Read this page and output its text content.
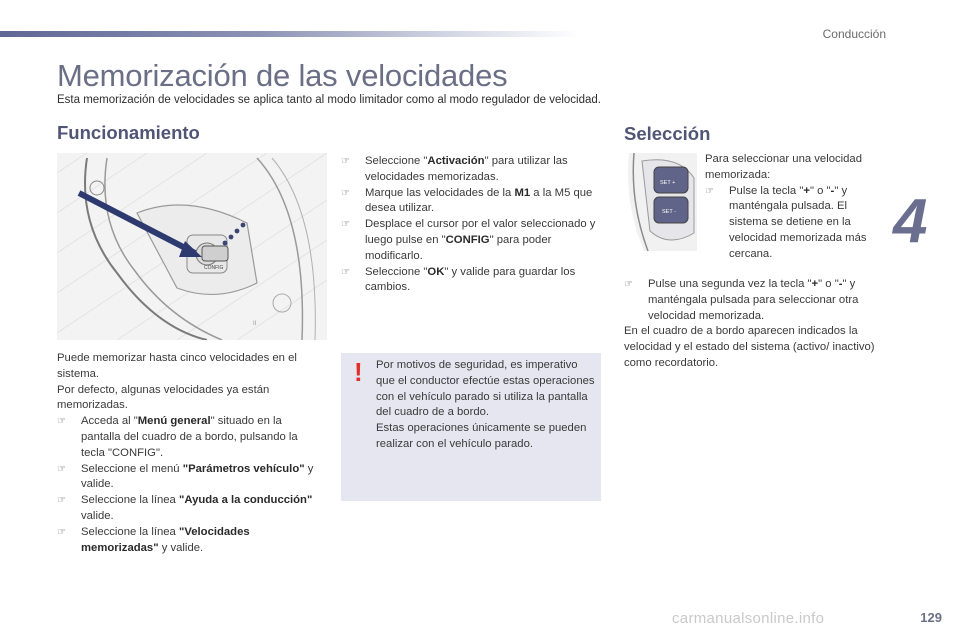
Conducción
4
Memorización de las velocidades
Esta memorización de velocidades se aplica tanto al modo limitador como al modo regulador de velocidad.
Funcionamiento
II
CONFIG
Puede memorizar hasta cinco velocidades en el sistema.
Por defecto, algunas velocidades ya están memorizadas.
☞ Acceda al "Menú general" situado en la pantalla del cuadro de a bordo, pulsando la tecla "CONFIG".
☞ Seleccione el menú "Parámetros vehículo" y valide.
☞ Seleccione la línea "Ayuda a la conducción" valide.
☞ Seleccione la línea "Velocidades memorizadas" y valide.
☞ Seleccione "Activación" para utilizar las velocidades memorizadas.
☞ Marque las velocidades de la M1 a la M5 que desea utilizar.
☞ Desplace el cursor por el valor seleccionado y luego pulse en "CONFIG" para poder modificarlo.
☞ Seleccione "OK" y valide para guardar los cambios.
! Por motivos de seguridad, es imperativo que el conductor efectúe estas operaciones con el vehículo parado si utiliza la pantalla del cuadro de a bordo.
Estas operaciones únicamente se pueden realizar con el vehículo parado.
Selección
SET +
SET -
Para seleccionar una velocidad memorizada:
☞ Pulse la tecla "+" o "-" y manténgala pulsada. El sistema se detiene en la velocidad memorizada más cercana.
☞ Pulse una segunda vez la tecla "+" o "-" y manténgala pulsada para seleccionar otra velocidad memorizada.
En el cuadro de a bordo aparecen indicados la velocidad y el estado del sistema (activo/ inactivo) como recordatorio.
carmanualsonline.info	129
